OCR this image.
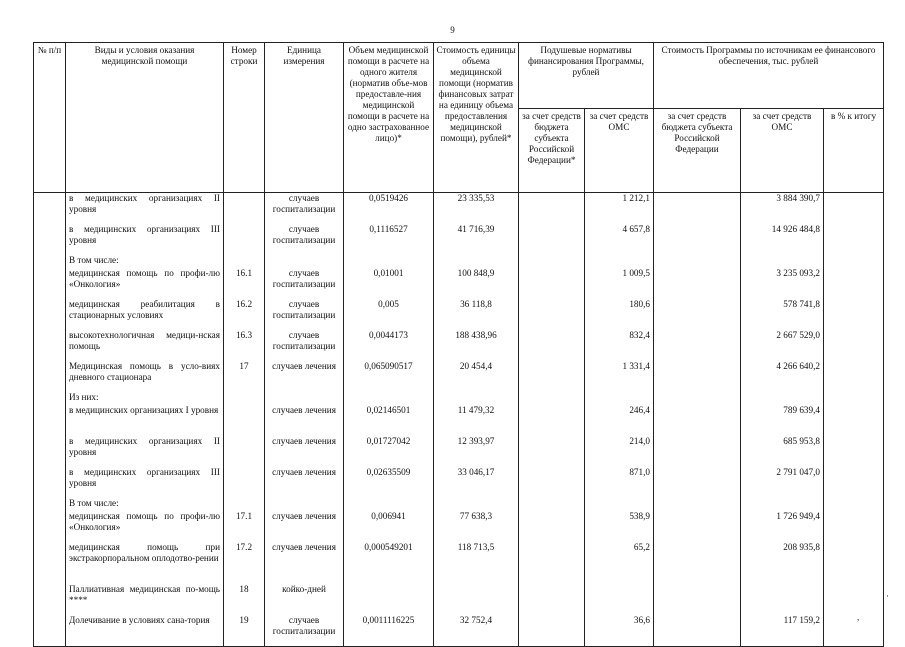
9
№ п/п	Виды и условия оказания медицинской помощи	Номер строки	Единица измерения	Объем медицинской помощи в расчете на одного жителя (норматив объе-мов предоставле-ния медицинской помощи в расчете на одно застрахованное лицо)*	Стоимость единицы объема медицинской помощи (норматив финансовых затрат на единицу объема предоставления медицинской помощи), рублей*	Подушевые нормативы финансирования Программы, рублей		Стоимость Программы по источникам ее финансового обеспечения, тыс. рублей		
						за счет средств бюджета субъекта Российской Федерации*	за счет средств ОМС	за счет средств бюджета субъекта Российской Федерации	за счет средств ОМС	в % к итогу
	в медицинских организациях II уровня		случаев госпитализации	0,0519426	23 335,53		1 212,1		3 884 390,7	
	в медицинских организациях III уровня		случаев госпитализации	0,1116527	41 716,39		4 657,8		14 926 484,8	
	В том числе:									
	медицинская помощь по профи-лю «Онкология»	16.1	случаев госпитализации	0,01001	100 848,9		1 009,5		3 235 093,2	
	медицинская реабилитация в стационарных условиях	16.2	случаев госпитализации	0,005	36 118,8		180,6		578 741,8	
	высокотехнологичная медици-нская помощь	16.3	случаев госпитализации	0,0044173	188 438,96		832,4		2 667 529,0	
	Медицинская помощь в усло-виях дневного стационара	17	случаев лечения	0,065090517	20 454,4		1 331,4		4 266 640,2	
	Из них:									
	в медицинских организациях I уровня		случаев лечения	0,02146501	11 479,32		246,4		789 639,4	
	в медицинских организациях II уровня		случаев лечения	0,01727042	12 393,97		214,0		685 953,8	
	в медицинских организациях III уровня		случаев лечения	0,02635509	33 046,17		871,0		2 791 047,0	
	В том числе:									
	медицинская помощь по профи-лю «Онкология»	17.1	случаев лечения	0,006941	77 638,3		538,9		1 726 949,4	
	медицинская помощь при экстракорпоральном оплодотво-рении	17.2	случаев лечения	0,000549201	118 713,5		65,2		208 935,8	
	Паллиативная медицинская по-мощь ****	18	койко-дней							
	Долечивание в условиях сана-тория	19	случаев госпитализации	0,0011116225	32 752,4		36,6		117 159,2		,
·
